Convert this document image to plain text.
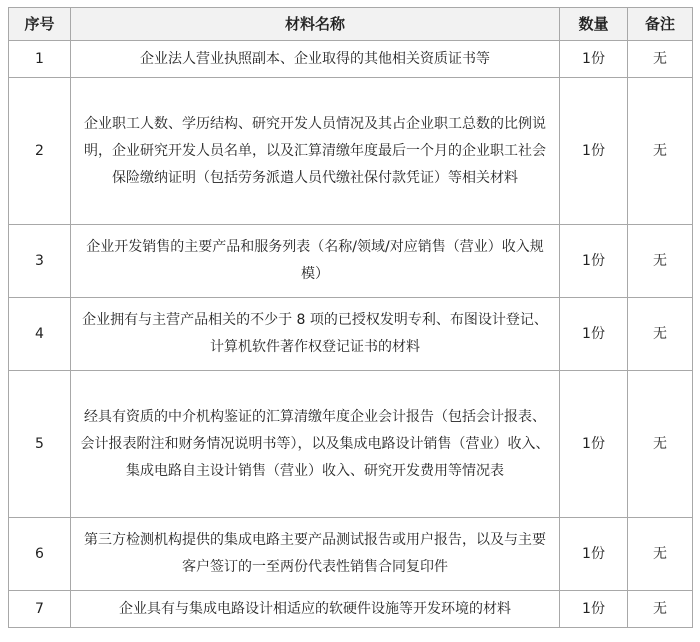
序号	材料名称	数量	备注
1	企业法人营业执照副本、企业取得的其他相关资质证书等	1份	无
2	企业职工人数、学历结构、研究开发人员情况及其占企业职工总数的比例说明，企业研究开发人员名单，以及汇算清缴年度最后一个月的企业职工社会保险缴纳证明（包括劳务派遣人员代缴社保付款凭证）等相关材料	1份	无
3	企业开发销售的主要产品和服务列表（名称/领域/对应销售（营业）收入规模）	1份	无
4	企业拥有与主营产品相关的不少于 8 项的已授权发明专利、布图设计登记、计算机软件著作权登记证书的材料	1份	无
5	经具有资质的中介机构鉴证的汇算清缴年度企业会计报告（包括会计报表、会计报表附注和财务情况说明书等），以及集成电路设计销售（营业）收入、集成电路自主设计销售（营业）收入、研究开发费用等情况表	1份	无
6	第三方检测机构提供的集成电路主要产品测试报告或用户报告，以及与主要客户签订的一至两份代表性销售合同复印件	1份	无
7	企业具有与集成电路设计相适应的软硬件设施等开发环境的材料	1份	无
